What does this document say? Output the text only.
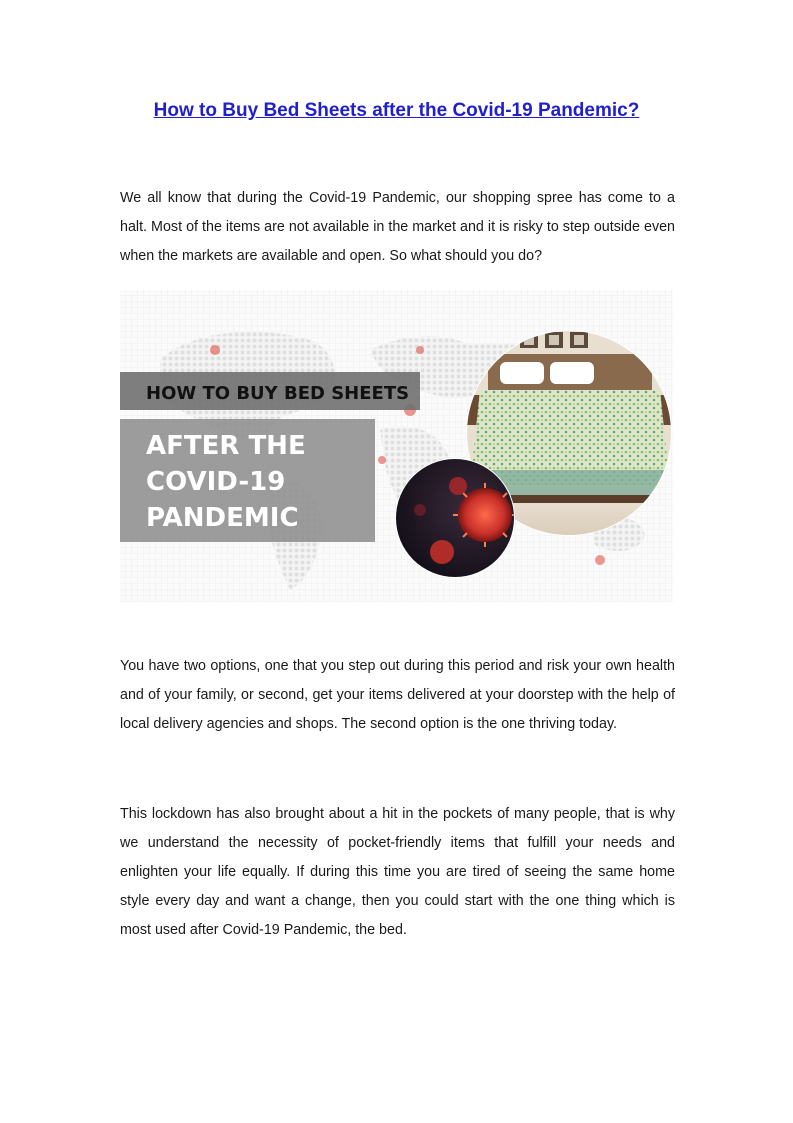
How to Buy Bed Sheets after the Covid-19 Pandemic?

We all know that during the Covid-19 Pandemic, our shopping spree has come to a halt. Most of the items are not available in the market and it is risky to step outside even when the markets are available and open. So what should you do?

HOW TO BUY BED SHEETS
AFTER THE
COVID-19
PANDEMIC

You have two options, one that you step out during this period and risk your own health and of your family, or second, get your items delivered at your doorstep with the help of local delivery agencies and shops. The second option is the one thriving today.

This lockdown has also brought about a hit in the pockets of many people, that is why we understand the necessity of pocket-friendly items that fulfill your needs and enlighten your life equally. If during this time you are tired of seeing the same home style every day and want a change, then you could start with the one thing which is most used after Covid-19 Pandemic, the bed.
